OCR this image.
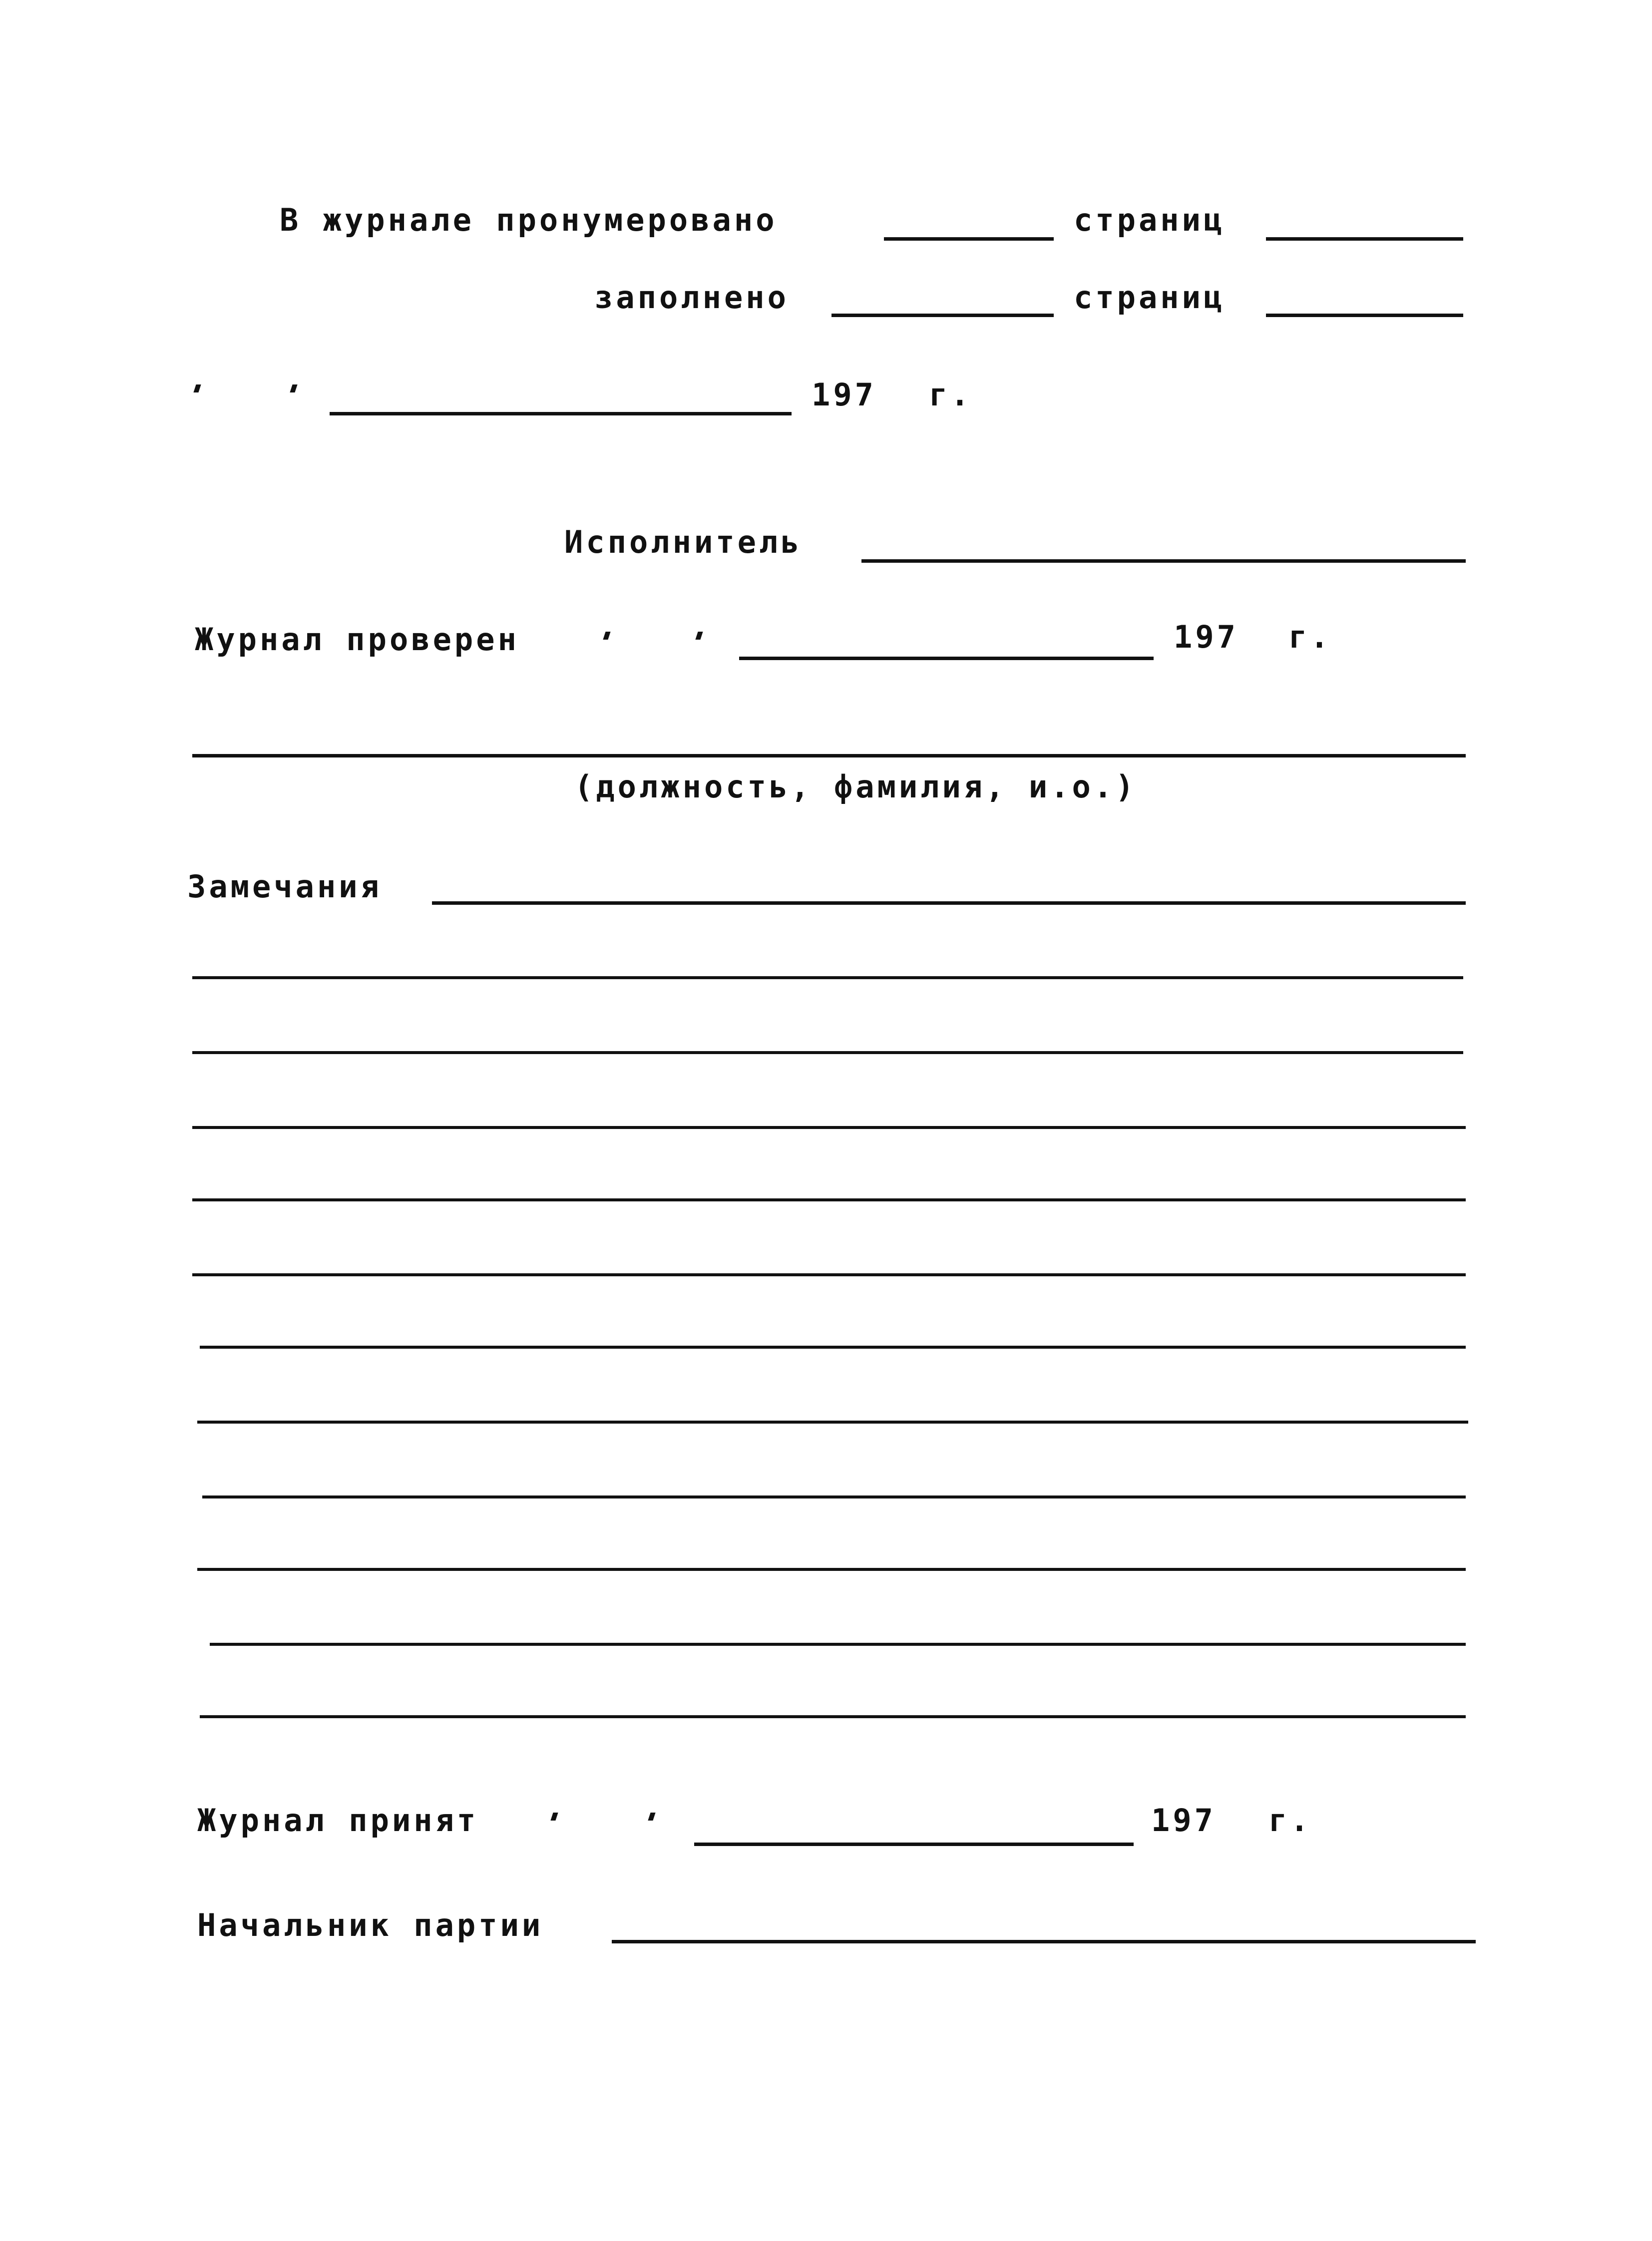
В журнале пронумеровано	страниц
заполнено	страниц
197 г.
Исполнитель
Журнал проверен	197 г.
(должность, фамилия, и.о.)
Замечания
Журнал принят	197 г.
Начальник партии
